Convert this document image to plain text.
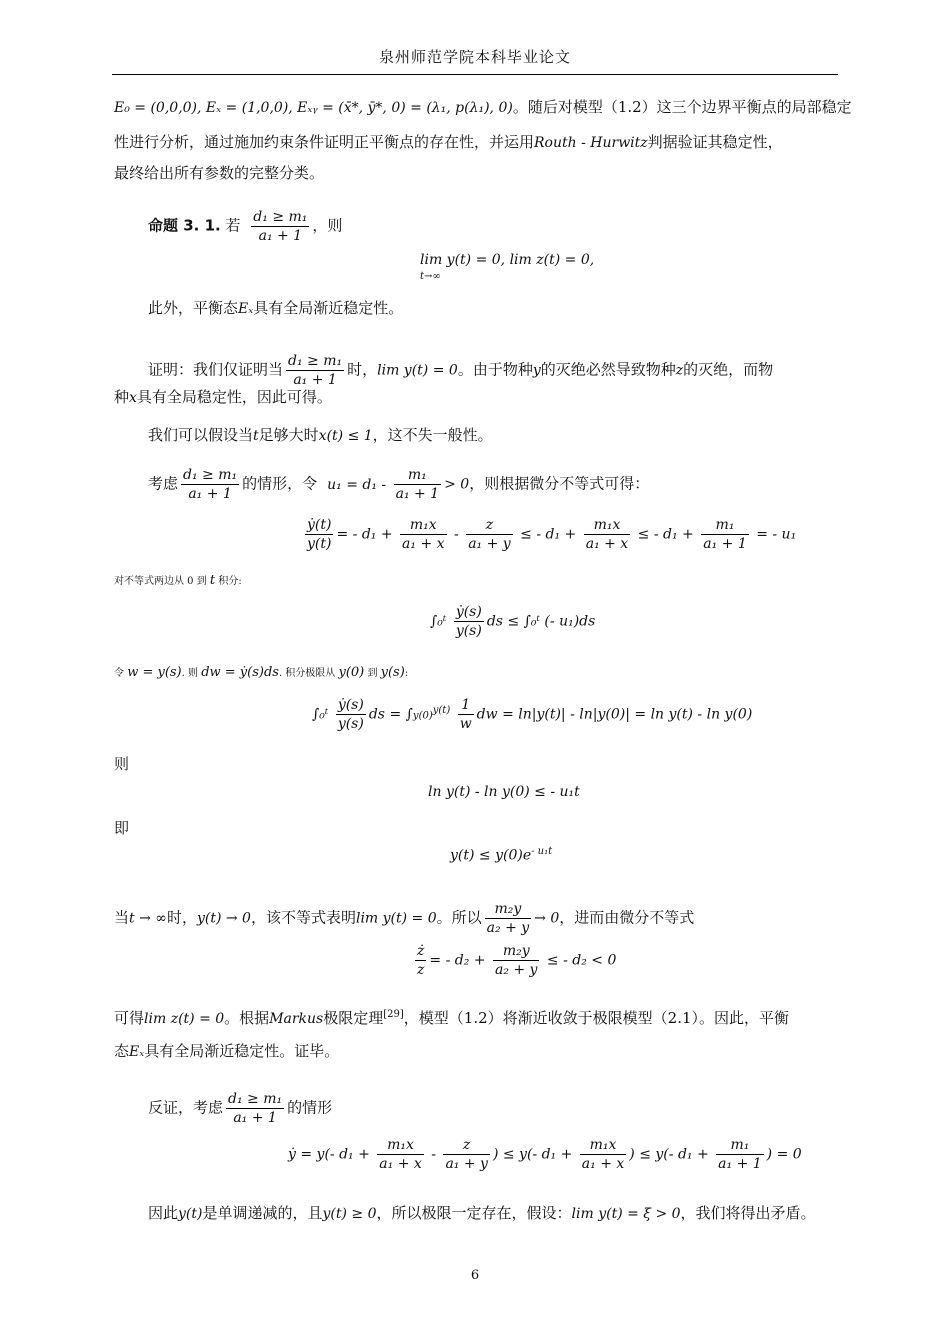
泉州师范学院本科毕业论文
E₀ = (0,0,0), Eₓ = (1,0,0), Eₓᵧ = (x̄*, ȳ*, 0) = (λ₁, p(λ₁), 0)。随后对模型（1.2）这三个边界平衡点的局部稳定
性进行分析，通过施加约束条件证明正平衡点的存在性，并运用Routh - Hurwitz判据验证其稳定性，
最终给出所有参数的完整分类。
命题 3. 1. 若 $\frac{\text{d₁ ≥ m₁}}{\text{a₁ + 1}}$ ，则
lim y(t) = 0, lim z(t) = 0,
t→∞
此外，平衡态Eₓ具有全局渐近稳定性。
证明：我们仅证明当 $\frac{\text{d₁ ≥ m₁}}{\text{a₁ + 1}}$ 时，lim y(t) = 0。由于物种y的灭绝必然导致物种z的灭绝，而物
种x具有全局稳定性，因此可得。
我们可以假设当t足够大时x(t) ≤ 1，这不失一般性。
考虑 $\frac{\text{d₁ ≥ m₁}}{\text{a₁ + 1}}$ 的情形，令 $u_1 = d_1 - \frac{\text{m₁}}{\text{a₁ + 1}} > 0$，则根据微分不等式可得：
$\frac{\text{ẏ(t)}}{y(t)}$ = - $d_1 + \frac{\text{m₁x}}{\text{a₁ + x}} - \frac{z}{\text{a₁ + y}}$ ≤ - $d_1 + \frac{\text{m₁x}}{\text{a₁ + x}}$ ≤ - $d_1 + \frac{\text{m₁}}{\text{a₁ + 1}}$ = - u₁
对不等式两边从 0 到 t 积分:
∫₀ᵗ $\frac{\text{ẏ(s)}}{y(s)}$ ds ≤ ∫₀ᵗ (- u₁)ds
令 w = y(s). 则 dw = ẏ(s)ds. 积分极限从 y(0) 到 y(s):
∫₀ᵗ $\frac{\text{ẏ(s)}}{y(s)}$ ds = $\int y(0)^{y(t)} \frac{1}{w}$ dw = ln|y(t)| - ln|y(0)| = ln y(t) - ln y(0)
则
ln y(t) - ln y(0) ≤ - u₁t
即
$y(t) \le y(0)e^{- u_1t}$
当t → ∞时，y(t) → 0，该不等式表明lim y(t) = 0。所以 $\frac{\text{m₂y}}{\text{a₂ + y}} \to 0$，进而由微分不等式
$\frac{ż}{z}$ = - $d_2 + \frac{\text{m₂y}}{\text{a₂ + y}}$ ≤ - d₂ < 0
可得lim z(t) = 0。根据Markus极限定理[29]，模型（1.2）将渐近收敛于极限模型（2.1）。因此，平衡
态Eₓ具有全局渐近稳定性。证毕。
反证，考虑 $\frac{\text{d₁ ≥ m₁}}{\text{a₁ + 1}}$ 的情形
ẏ = y(- $d_1 + \frac{\text{m₁x}}{\text{a₁ + x}} - \frac{z}{\text{a₁ + y}}$ ) ≤ y(- $d_1 + \frac{\text{m₁x}}{\text{a₁ + x}}$ ) ≤ y(- $d_1 + \frac{\text{m₁}}{\text{a₁ + 1}}$ ) = 0
因此y(t)是单调递减的，且y(t) ≥ 0，所以极限一定存在，假设：lim y(t) = ξ > 0，我们将得出矛盾。
6
